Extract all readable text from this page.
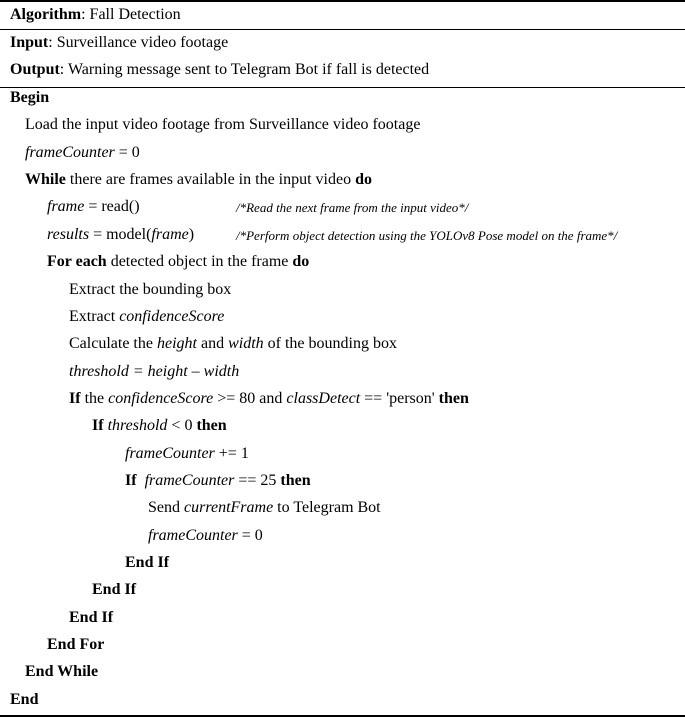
Algorithm: Fall Detection
Input: Surveillance video footage
Output: Warning message sent to Telegram Bot if fall is detected
Begin
Load the input video footage from Surveillance video footage
frameCounter = 0
While there are frames available in the input video do
frame = read()	/*Read the next frame from the input video*/
results = model(frame)	/*Perform object detection using the YOLOv8 Pose model on the frame*/
For each detected object in the frame do
Extract the bounding box
Extract confidenceScore
Calculate the height and width of the bounding box
threshold = height – width
If the confidenceScore >= 80 and classDetect == 'person' then
If threshold < 0 then
frameCounter += 1
If frameCounter == 25 then
Send currentFrame to Telegram Bot
frameCounter = 0
End If
End If
End If
End For
End While
End
